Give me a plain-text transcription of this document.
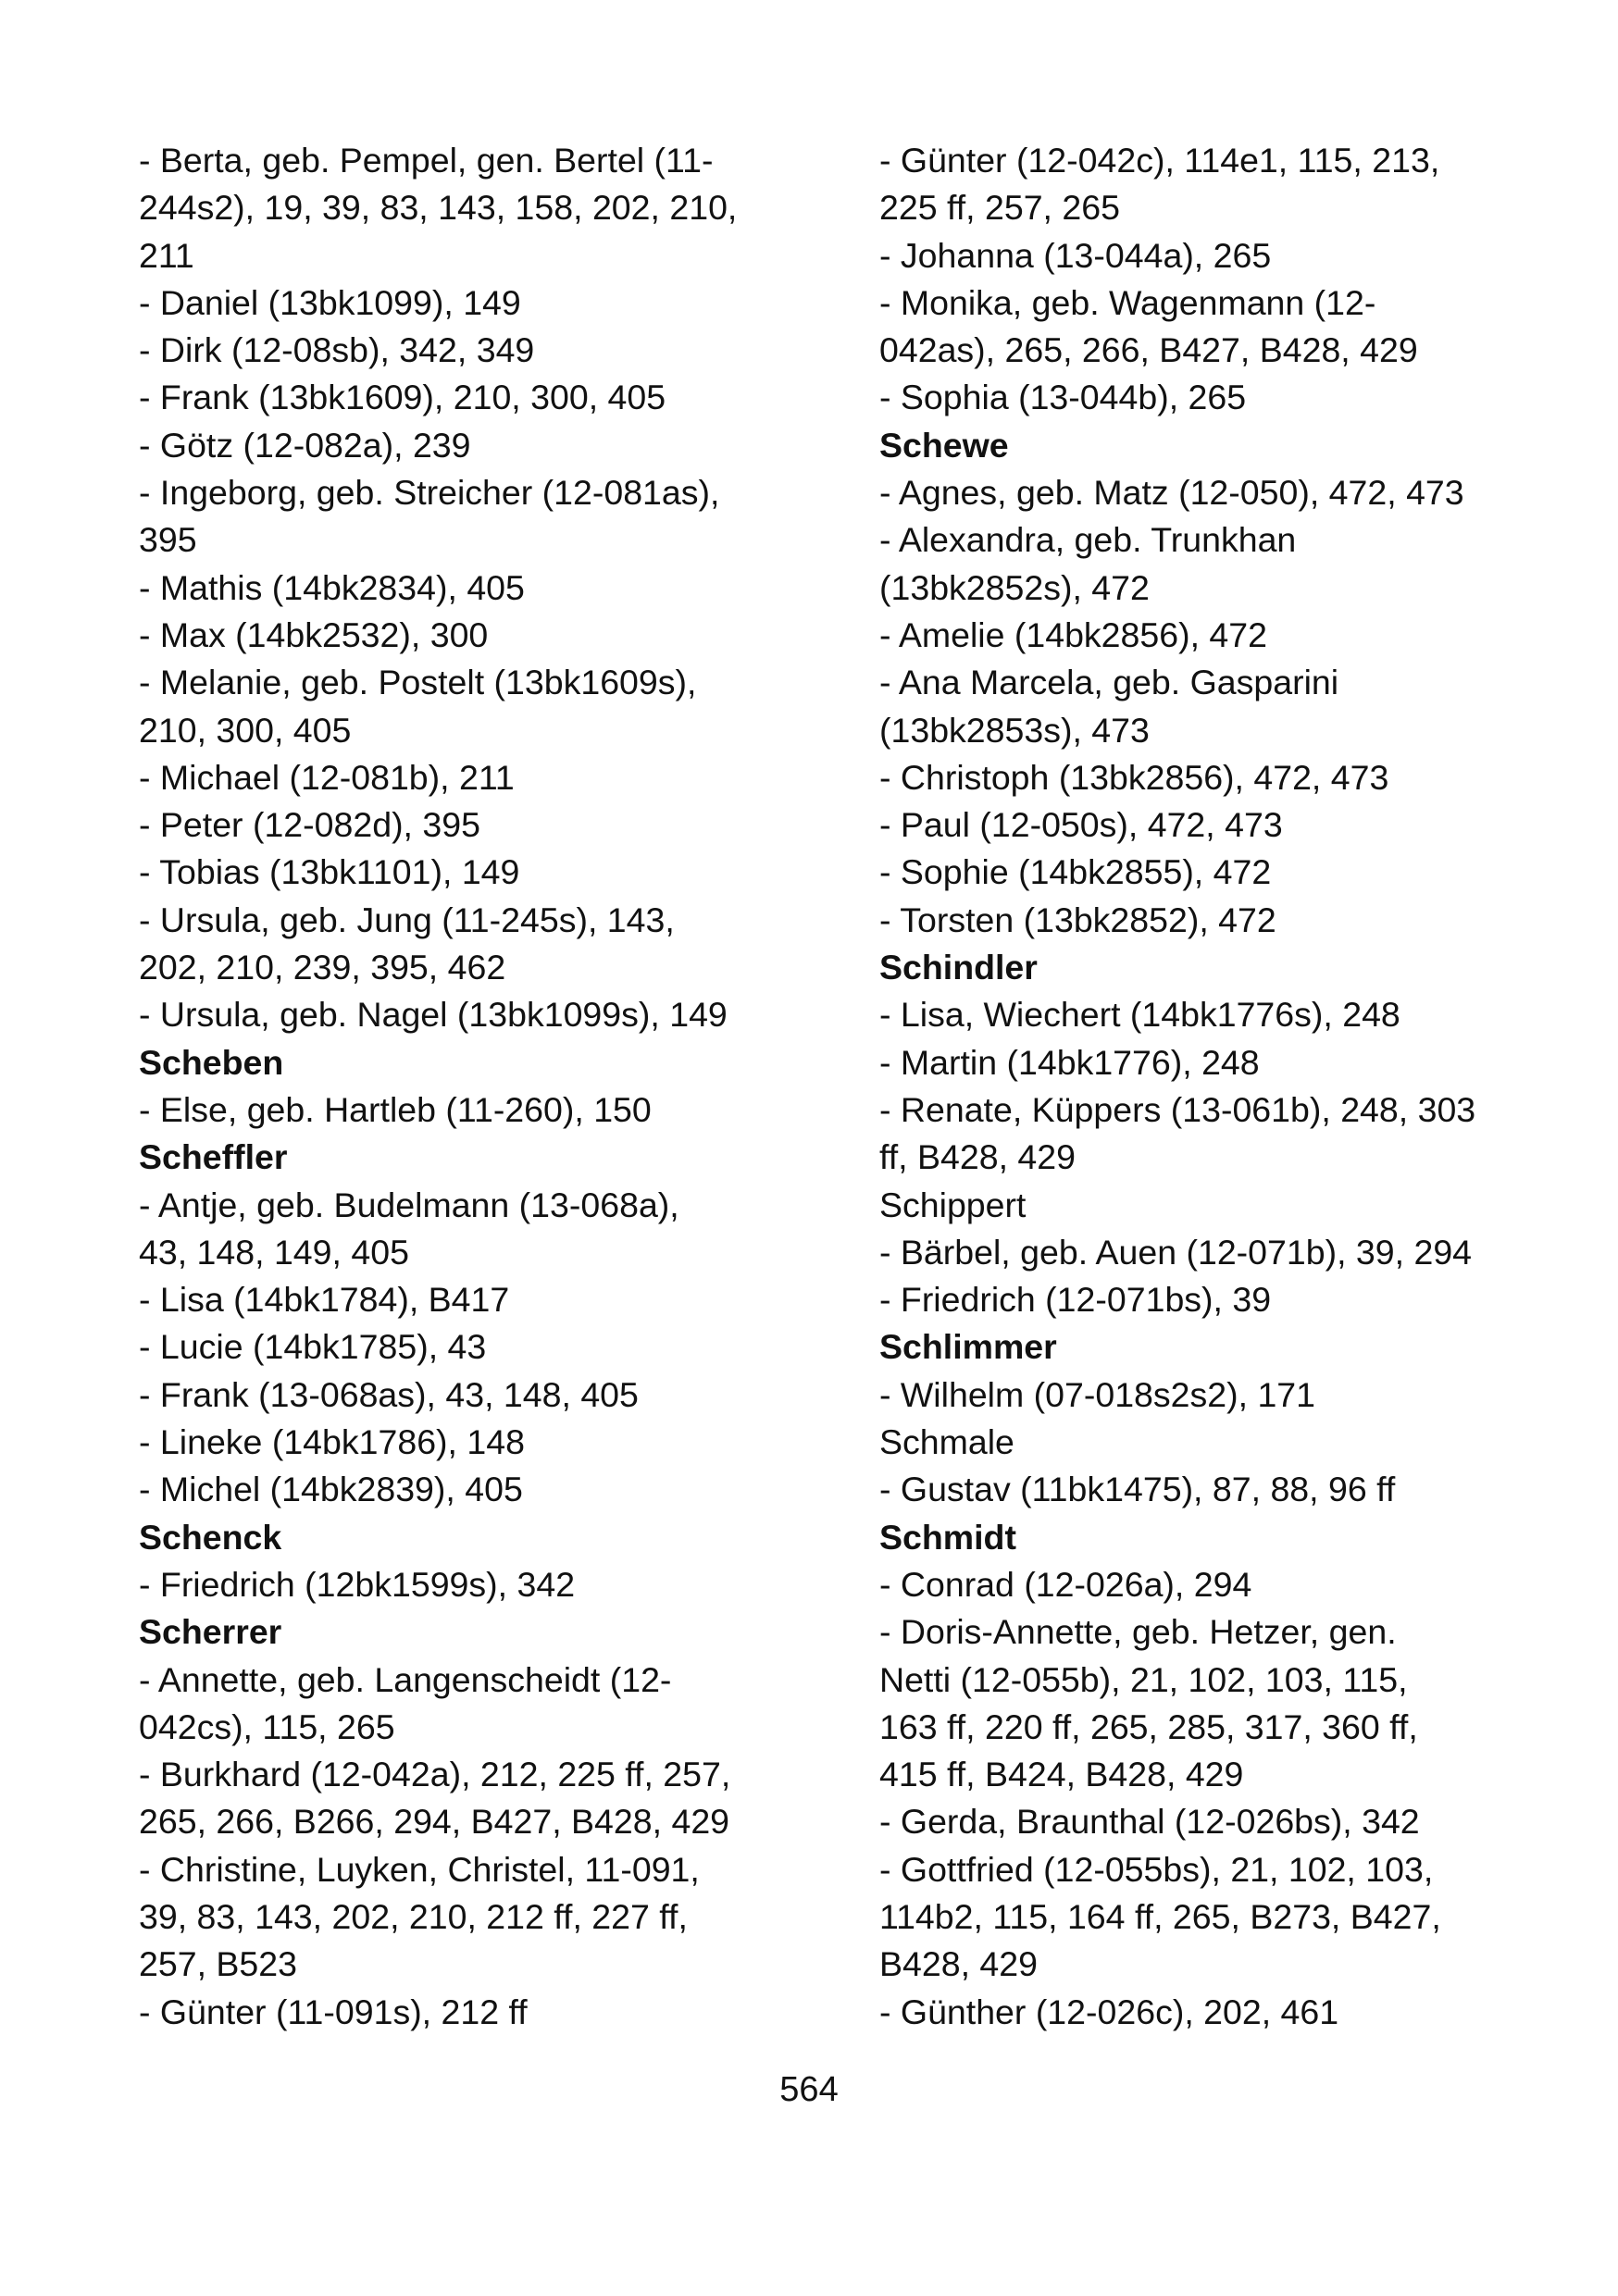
- Berta, geb. Pempel, gen. Bertel (11-
244s2), 19, 39, 83, 143, 158, 202, 210,
211
- Daniel (13bk1099), 149
- Dirk (12-08sb), 342, 349
- Frank (13bk1609), 210, 300, 405
- Götz (12-082a), 239
- Ingeborg, geb. Streicher (12-081as),
395
- Mathis (14bk2834), 405
- Max (14bk2532), 300
- Melanie, geb. Postelt (13bk1609s),
210, 300, 405
- Michael (12-081b), 211
- Peter (12-082d), 395
- Tobias (13bk1101), 149
- Ursula, geb. Jung (11-245s), 143,
202, 210, 239, 395, 462
- Ursula, geb. Nagel (13bk1099s), 149
Scheben
- Else, geb. Hartleb (11-260), 150
Scheffler
- Antje, geb. Budelmann (13-068a),
43, 148, 149, 405
- Lisa (14bk1784), B417
- Lucie (14bk1785), 43
- Frank (13-068as), 43, 148, 405
- Lineke (14bk1786), 148
- Michel (14bk2839), 405
Schenck
- Friedrich (12bk1599s), 342
Scherrer
- Annette, geb. Langenscheidt (12-
042cs), 115, 265
- Burkhard (12-042a), 212, 225 ff, 257,
265, 266, B266, 294, B427, B428, 429
- Christine, Luyken, Christel, 11-091,
39, 83, 143, 202, 210, 212 ff, 227 ff,
257, B523
- Günter (11-091s), 212 ff
- Günter (12-042c), 114e1, 115, 213,
225 ff, 257, 265
- Johanna (13-044a), 265
- Monika, geb. Wagenmann (12-
042as), 265, 266, B427, B428, 429
- Sophia (13-044b), 265
Schewe
- Agnes, geb. Matz (12-050), 472, 473
- Alexandra, geb. Trunkhan
(13bk2852s), 472
- Amelie (14bk2856), 472
- Ana Marcela, geb. Gasparini
(13bk2853s), 473
- Christoph (13bk2856), 472, 473
- Paul (12-050s), 472, 473
- Sophie (14bk2855), 472
- Torsten (13bk2852), 472
Schindler
- Lisa, Wiechert (14bk1776s), 248
- Martin (14bk1776), 248
- Renate, Küppers (13-061b), 248, 303
ff, B428, 429
Schippert
- Bärbel, geb. Auen (12-071b), 39, 294
- Friedrich (12-071bs), 39
Schlimmer
- Wilhelm (07-018s2s2), 171
Schmale
- Gustav (11bk1475), 87, 88, 96 ff
Schmidt
- Conrad (12-026a), 294
- Doris-Annette, geb. Hetzer, gen.
Netti (12-055b), 21, 102, 103, 115,
163 ff, 220 ff, 265, 285, 317, 360 ff,
415 ff, B424, B428, 429
- Gerda, Braunthal (12-026bs), 342
- Gottfried (12-055bs), 21, 102, 103,
114b2, 115, 164 ff, 265, B273, B427,
B428, 429
- Günther (12-026c), 202, 461
564
